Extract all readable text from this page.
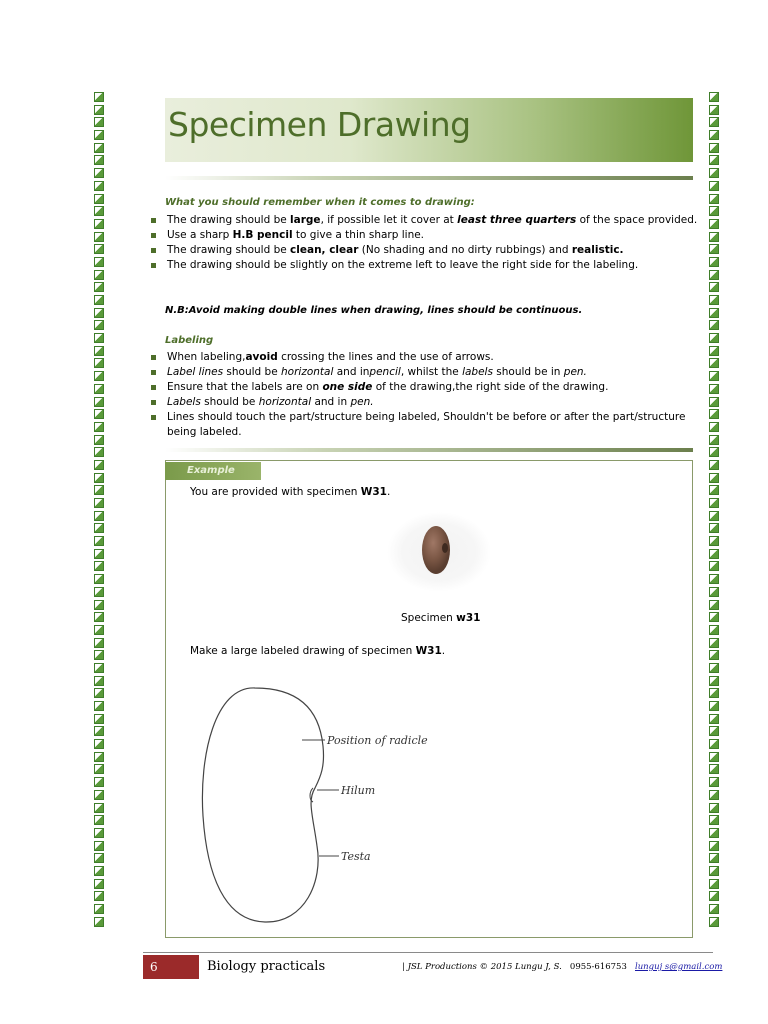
Specimen Drawing
What you should remember when it comes to drawing:
The drawing should be large, if possible let it cover at least three quarters of the space provided.
Use a sharp H.B pencil to give a thin sharp line.
The drawing should be clean, clear (No shading and no dirty rubbings) and realistic.
The drawing should be slightly on the extreme left to leave the right side for the labeling.
N.B:Avoid making double lines when drawing, lines should be continuous.
Labeling
When labeling,avoid crossing the lines and the use of arrows.
Label lines should be horizontal and inpencil, whilst the labels should be in pen.
Ensure that the labels are on one side of the drawing,the right side of the drawing.
Labels should be horizontal and in pen.
Lines should touch the part/structure being labeled, Shouldn't be before or after the part/structure being labeled.
Example
You are provided with specimen W31.
Specimen w31
Make a large labeled drawing of specimen W31.
Position of radicle
Hilum
Testa
6	Biology practicals	| JSL Productions © 2015 Lungu J, S. 0955-616753 lunguj s@gmail.com
